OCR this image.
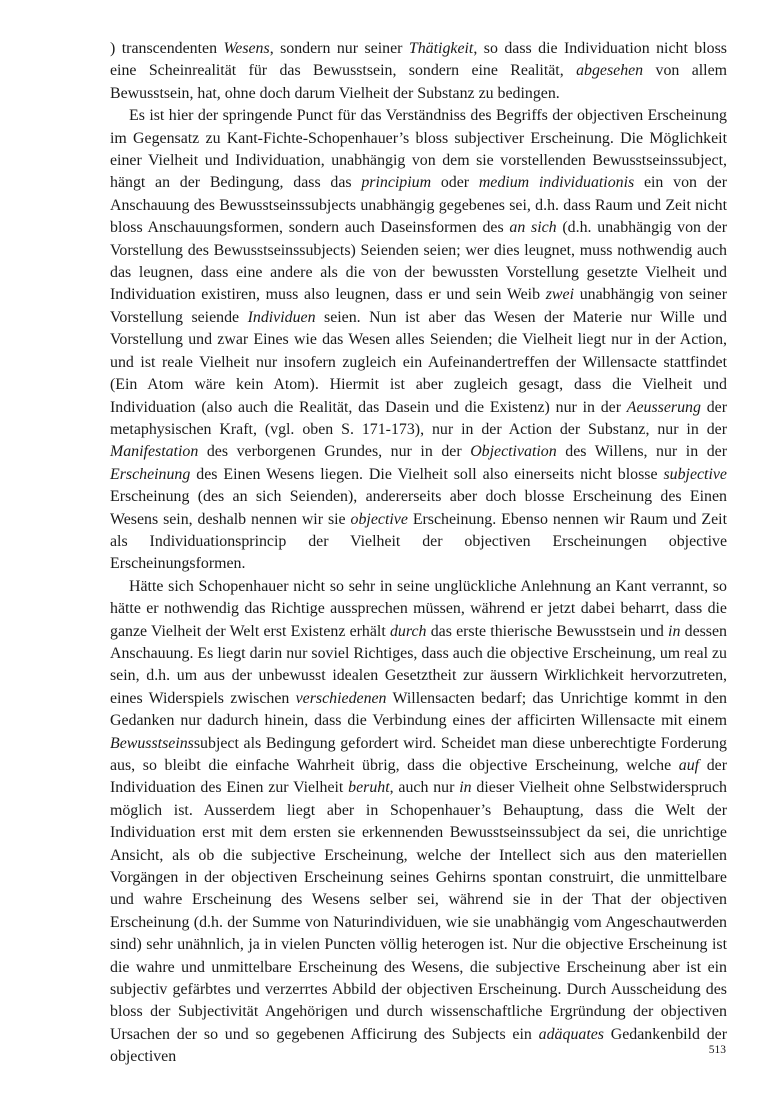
) transcendenten Wesens, sondern nur seiner Thätigkeit, so dass die Individuation nicht bloss eine Scheinrealität für das Bewusstsein, sondern eine Realität, abgesehen von allem Bewusstsein, hat, ohne doch darum Vielheit der Substanz zu bedingen.

Es ist hier der springende Punct für das Verständniss des Begriffs der objectiven Erscheinung im Gegensatz zu Kant-Fichte-Schopenhauer’s bloss subjectiver Erscheinung. Die Möglichkeit einer Vielheit und Individuation, unabhängig von dem sie vorstellenden Bewusstseinssubject, hängt an der Bedingung, dass das principium oder medium individuationis ein von der Anschauung des Bewusstseinssubjects unabhängig gegebenes sei, d.h. dass Raum und Zeit nicht bloss Anschauungsformen, sondern auch Daseinsformen des an sich (d.h. unabhängig von der Vorstellung des Bewusstseinssubjects) Seienden seien; wer dies leugnet, muss nothwendig auch das leugnen, dass eine andere als die von der bewussten Vorstellung gesetzte Vielheit und Individuation existiren, muss also leugnen, dass er und sein Weib zwei unabhängig von seiner Vorstellung seiende Individuen seien. Nun ist aber das Wesen der Materie nur Wille und Vorstellung und zwar Eines wie das Wesen alles Seienden; die Vielheit liegt nur in der Action, und ist reale Vielheit nur insofern zugleich ein Aufeinandertreffen der Willensacte stattfindet (Ein Atom wäre kein Atom). Hiermit ist aber zugleich gesagt, dass die Vielheit und Individuation (also auch die Realität, das Dasein und die Existenz) nur in der Aeusserung der metaphysischen Kraft, (vgl. oben S. 171-173), nur in der Action der Substanz, nur in der Manifestation des verborgenen Grundes, nur in der Objectivation des Willens, nur in der Erscheinung des Einen Wesens liegen. Die Vielheit soll also einerseits nicht blosse subjective Erscheinung (des an sich Seienden), andererseits aber doch blosse Erscheinung des Einen Wesens sein, deshalb nennen wir sie objective Erscheinung. Ebenso nennen wir Raum und Zeit als Individuationsprincip der Vielheit der objectiven Erscheinungen objective Erscheinungsformen.

Hätte sich Schopenhauer nicht so sehr in seine unglückliche Anlehnung an Kant verrannt, so hätte er nothwendig das Richtige aussprechen müssen, während er jetzt dabei beharrt, dass die ganze Vielheit der Welt erst Existenz erhält durch das erste thierische Bewusstsein und in dessen Anschauung. Es liegt darin nur soviel Richtiges, dass auch die objective Erscheinung, um real zu sein, d.h. um aus der unbewusst idealen Gesetztheit zur äussern Wirklichkeit hervorzutreten, eines Widerspiels zwischen verschiedenen Willensacten bedarf; das Unrichtige kommt in den Gedanken nur dadurch hinein, dass die Verbindung eines der afficirten Willensacte mit einem Bewusstseinssubject als Bedingung gefordert wird. Scheidet man diese unberechtigte Forderung aus, so bleibt die einfache Wahrheit übrig, dass die objective Erscheinung, welche auf der Individuation des Einen zur Vielheit beruht, auch nur in dieser Vielheit ohne Selbstwiderspruch möglich ist. Ausserdem liegt aber in Schopenhauer’s Behauptung, dass die Welt der Individuation erst mit dem ersten sie erkennenden Bewusstseinssubject da sei, die unrichtige Ansicht, als ob die subjective Erscheinung, welche der Intellect sich aus den materiellen Vorgängen in der objectiven Erscheinung seines Gehirns spontan construirt, die unmittelbare und wahre Erscheinung des Wesens selber sei, während sie in der That der objectiven Erscheinung (d.h. der Summe von Naturindividuen, wie sie unabhängig vom Angeschautwerden sind) sehr unähnlich, ja in vielen Puncten völlig heterogen ist. Nur die objective Erscheinung ist die wahre und unmittelbare Erscheinung des Wesens, die subjective Erscheinung aber ist ein subjectiv gefärbtes und verzerrtes Abbild der objectiven Erscheinung. Durch Ausscheidung des bloss der Subjectivität Angehörigen und durch wissenschaftliche Ergründung der objectiven Ursachen der so und so gegebenen Afficirung des Subjects ein adäquates Gedankenbild der objectiven	513
